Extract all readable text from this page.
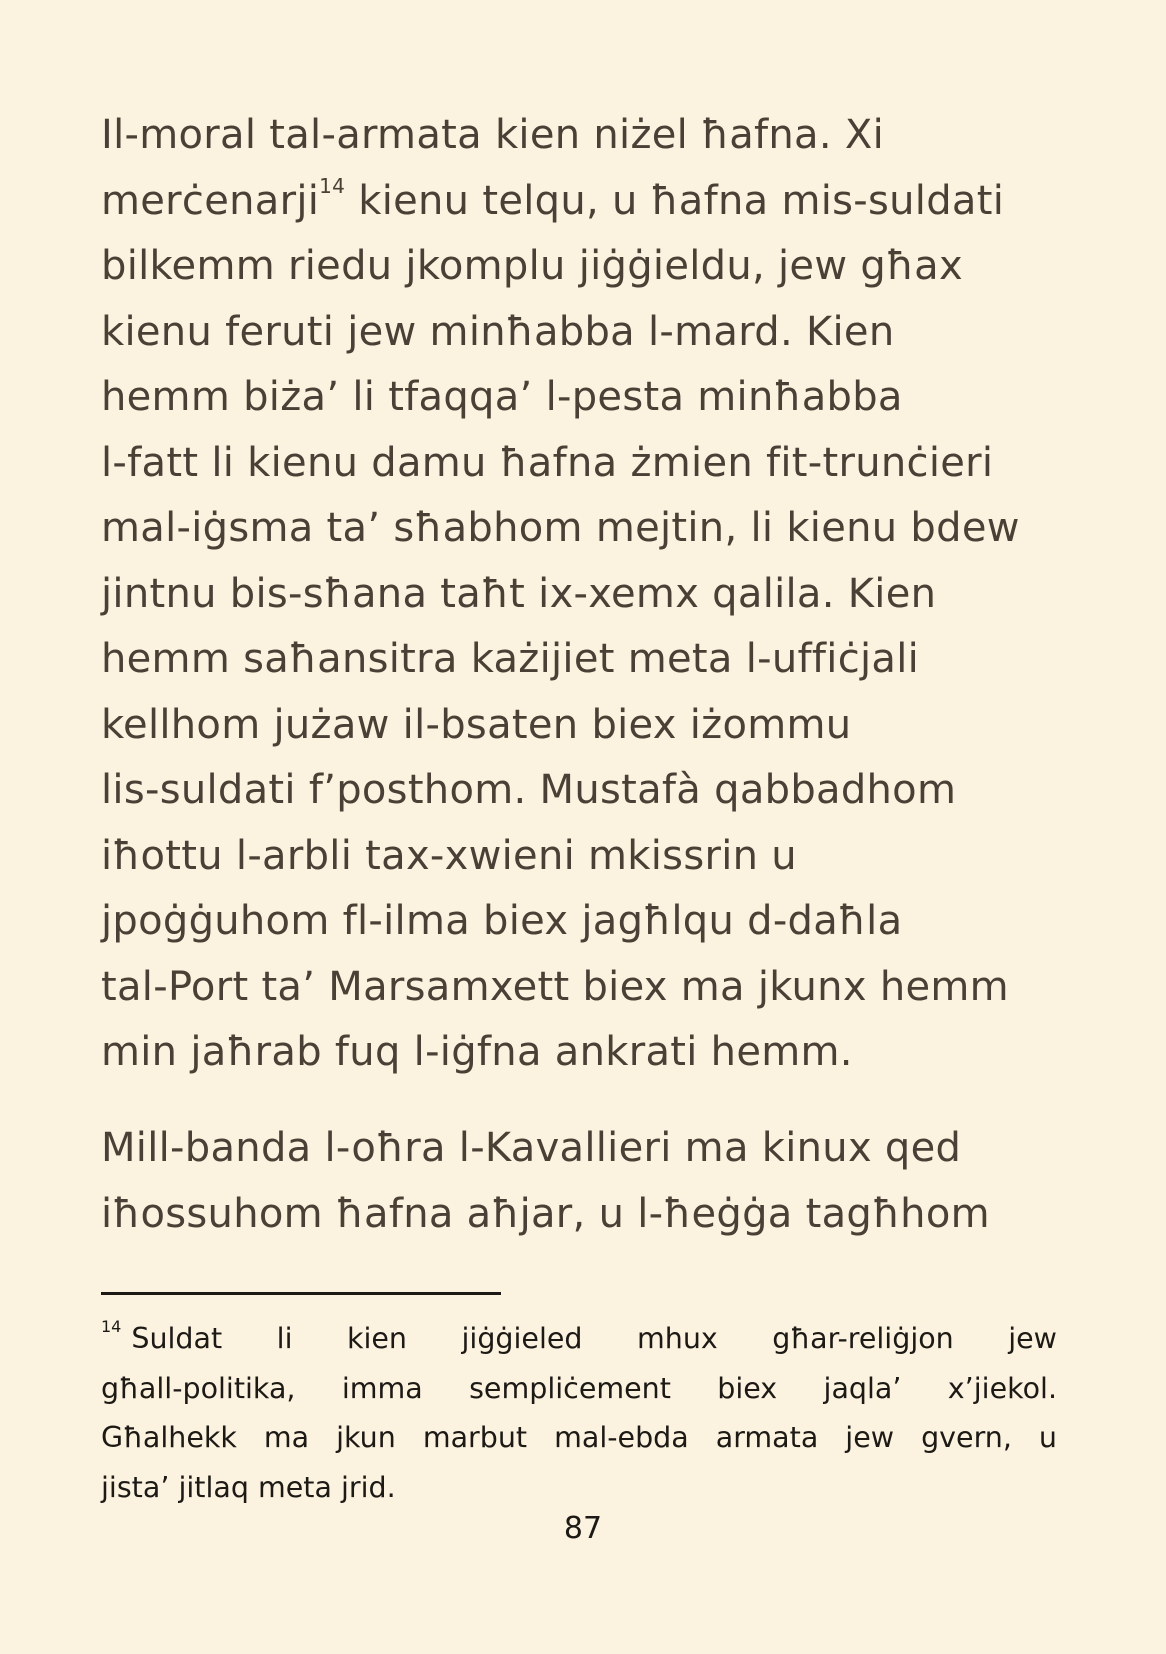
Il-moral tal-armata kien niżel ħafna. Xi
merċenarji$^{14}$ kienu telqu, u ħafna mis-suldati
bilkemm riedu jkomplu jiġġieldu, jew għax
kienu feruti jew minħabba l-mard. Kien
hemm biża’ li tfaqqa’ l-pesta minħabba
l-fatt li kienu damu ħafna żmien fit-trunċieri
mal-iġsma ta’ sħabhom mejtin, li kienu bdew
jintnu bis-sħana taħt ix-xemx qalila. Kien
hemm saħansitra każijiet meta l-uffiċjali
kellhom jużaw il-bsaten biex iżommu
lis-suldati f’posthom. Mustafà qabbadhom
iħottu l-arbli tax-xwieni mkissrin u
jpoġġuhom fl-ilma biex jagħlqu d-daħla
tal-Port ta’ Marsamxett biex ma jkunx hemm
min jaħrab fuq l-iġfna ankrati hemm.

Mill-banda l-oħra l-Kavallieri ma kinux qed
iħossuhom ħafna aħjar, u l-ħeġġa tagħhom

$^{14}$ Suldat li kien jiġġieled mhux għar-reliġjon jew
għall-politika, imma sempliċement biex jaqla’ x’jiekol.
Għalhekk ma jkun marbut mal-ebda armata jew gvern, u
jista’ jitlaq meta jrid.

87
